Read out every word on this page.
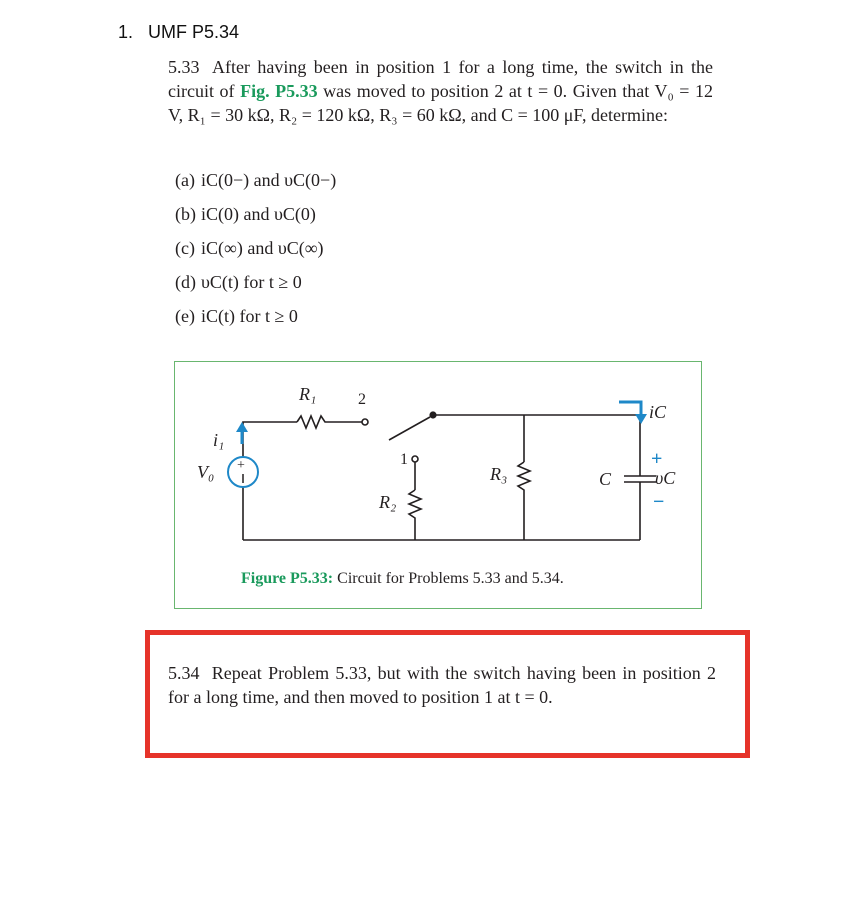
1. UMF P5.34
5.33 After having been in position 1 for a long time, the switch in the circuit of Fig. P5.33 was moved to position 2 at t = 0. Given that V₀ = 12 V, R₁ = 30 kΩ, R₂ = 120 kΩ, R₃ = 60 kΩ, and C = 100 μF, determine:
(a) iC(0−) and υC(0−)
(b) iC(0) and υC(0)
(c) iC(∞) and υC(∞)
(d) υC(t) for t ≥ 0
(e) iC(t) for t ≥ 0
+
R₁	2
1
R₂
R₃	C
V₀
i₁
iC
υC
+
−
Figure P5.33: Circuit for Problems 5.33 and 5.34.
5.34 Repeat Problem 5.33, but with the switch having been in position 2 for a long time, and then moved to position 1 at t = 0.
